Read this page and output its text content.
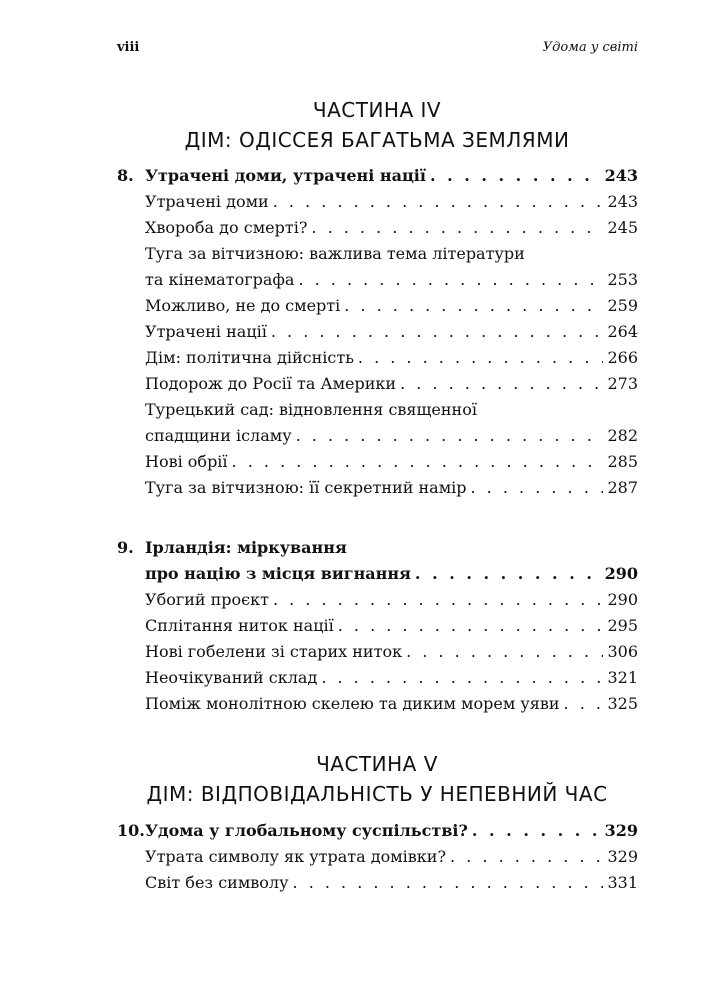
viii	Удома у світі
ЧАСТИНА IV
ДІМ: ОДІССЕЯ БАГАТЬМА ЗЕМЛЯМИ
8. Утрачені доми, утрачені нації . . .	243
Утрачені доми . . .	243
Хвороба до смерті? . . .	245
Туга за вітчизною: важлива тема літератури
та кінематографа . . .	253
Можливо, не до смерті . . .	259
Утрачені нації . . .	264
Дім: політична дійсність . . .	266
Подорож до Росії та Америки . . .	273
Турецький сад: відновлення священної
спадщини ісламу . . .	282
Нові обрії . . .	285
Туга за вітчизною: її секретний намір . . .	287
9. Ірландія: міркування
про націю з місця вигнання . . .	290
Убогий проєкт . . .	290
Сплітання ниток нації . . .	295
Нові гобелени зі старих ниток . . .	306
Неочікуваний склад . . .	321
Поміж монолітною скелею та диким морем уяви . . .	325
ЧАСТИНА V
ДІМ: ВІДПОВІДАЛЬНІСТЬ У НЕПЕВНИЙ ЧАС
10. Удома у глобальному суспільстві? . . .	329
Утрата символу як утрата домівки? . . .	329
Світ без символу . . .	331
